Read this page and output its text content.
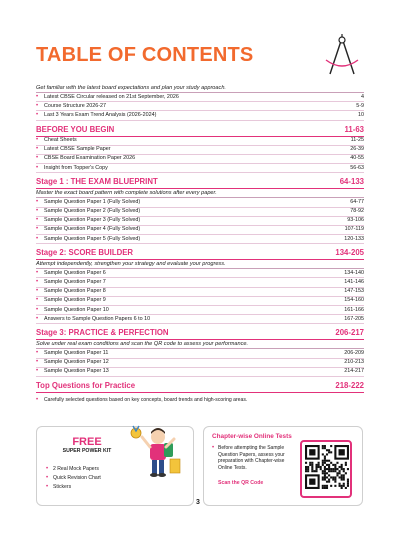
TABLE OF CONTENTS
Get familiar with the latest board expectations and plan your study approach.
•	Latest CBSE Circular released on 21st September, 2026	4
•	Course Structure 2026-27	5-9
•	Last 3 Years Exam Trend Analysis (2026-2024)	10
BEFORE YOU BEGIN	11-63
•	Cheat Sheets	11-25
•	Latest CBSE Sample Paper	26-39
•	CBSE Board Examination Paper 2026	40-55
•	Insight from Topper's Copy	56-63
Stage 1 : THE EXAM BLUEPRINT	64-133
Master the exact board pattern with complete solutions after every paper.
•	Sample Question Paper 1 (Fully Solved)	64-77
•	Sample Question Paper 2 (Fully Solved)	78-92
•	Sample Question Paper 3 (Fully Solved)	93-106
•	Sample Question Paper 4 (Fully Solved)	107-119
•	Sample Question Paper 5 (Fully Solved)	120-133
Stage 2: SCORE BUILDER	134-205
Attempt independently, strengthen your strategy and evaluate your progress.
•	Sample Question Paper 6	134-140
•	Sample Question Paper 7	141-146
•	Sample Question Paper 8	147-153
•	Sample Question Paper 9	154-160
•	Sample Question Paper 10	161-166
•	Answers to Sample Question Papers 6 to 10	167-205
Stage 3: PRACTICE & PERFECTION	206-217
Solve under real exam conditions and scan the QR code to assess your performance.
•	Sample Question Paper 11	206-209
•	Sample Question Paper 12	210-213
•	Sample Question Paper 13	214-217
Top Questions for Practice	218-222
•	Carefully selected questions based on key concepts, board trends and high-scoring areas.
FREE
SUPER POWER KIT
• 2 Real Mock Papers
• Quick Revision Chart
• Stickers
Chapter-wise Online Tests
• Before attempting the Sample Question Papers, assess your preparation with Chapter-wise Online Tests.
Scan the QR Code
3
